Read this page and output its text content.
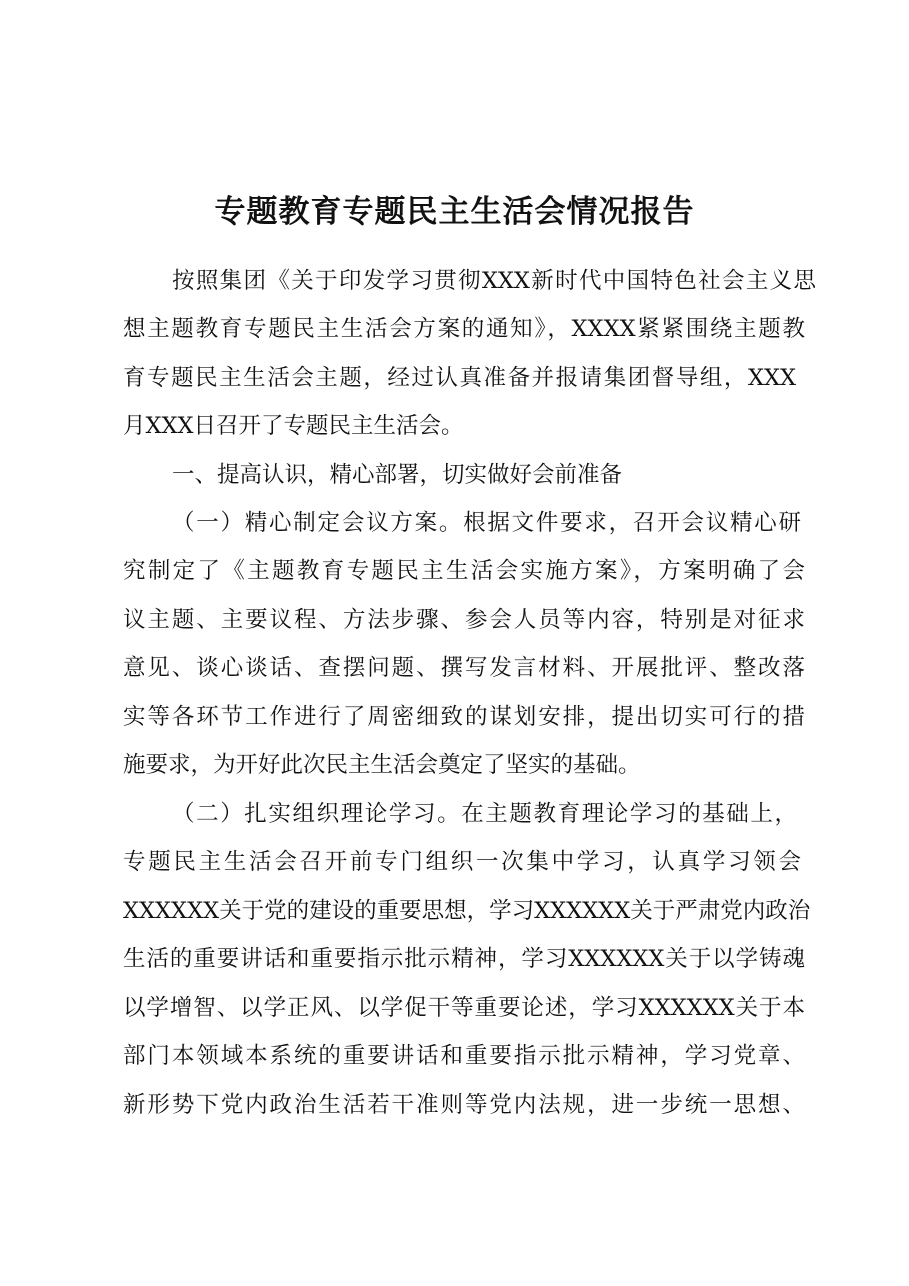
专题教育专题民主生活会情况报告
按照集团《关于印发学习贯彻XXX新时代中国特色社会主义思
想主题教育专题民主生活会方案的通知》，XXXX紧紧围绕主题教
育专题民主生活会主题，经过认真准备并报请集团督导组，XXX
月XXX日召开了专题民主生活会。
一、提高认识，精心部署，切实做好会前准备
（一）精心制定会议方案。根据文件要求，召开会议精心研
究制定了《主题教育专题民主生活会实施方案》，方案明确了会
议主题、主要议程、方法步骤、参会人员等内容，特别是对征求
意见、谈心谈话、查摆问题、撰写发言材料、开展批评、整改落
实等各环节工作进行了周密细致的谋划安排，提出切实可行的措
施要求，为开好此次民主生活会奠定了坚实的基础。
（二）扎实组织理论学习。在主题教育理论学习的基础上，
专题民主生活会召开前专门组织一次集中学习，认真学习领会
XXXXXX关于党的建设的重要思想，学习XXXXXX关于严肃党内政治
生活的重要讲话和重要指示批示精神，学习XXXXXX关于以学铸魂
以学增智、以学正风、以学促干等重要论述，学习XXXXXX关于本
部门本领域本系统的重要讲话和重要指示批示精神，学习党章、
新形势下党内政治生活若干准则等党内法规，进一步统一思想、
